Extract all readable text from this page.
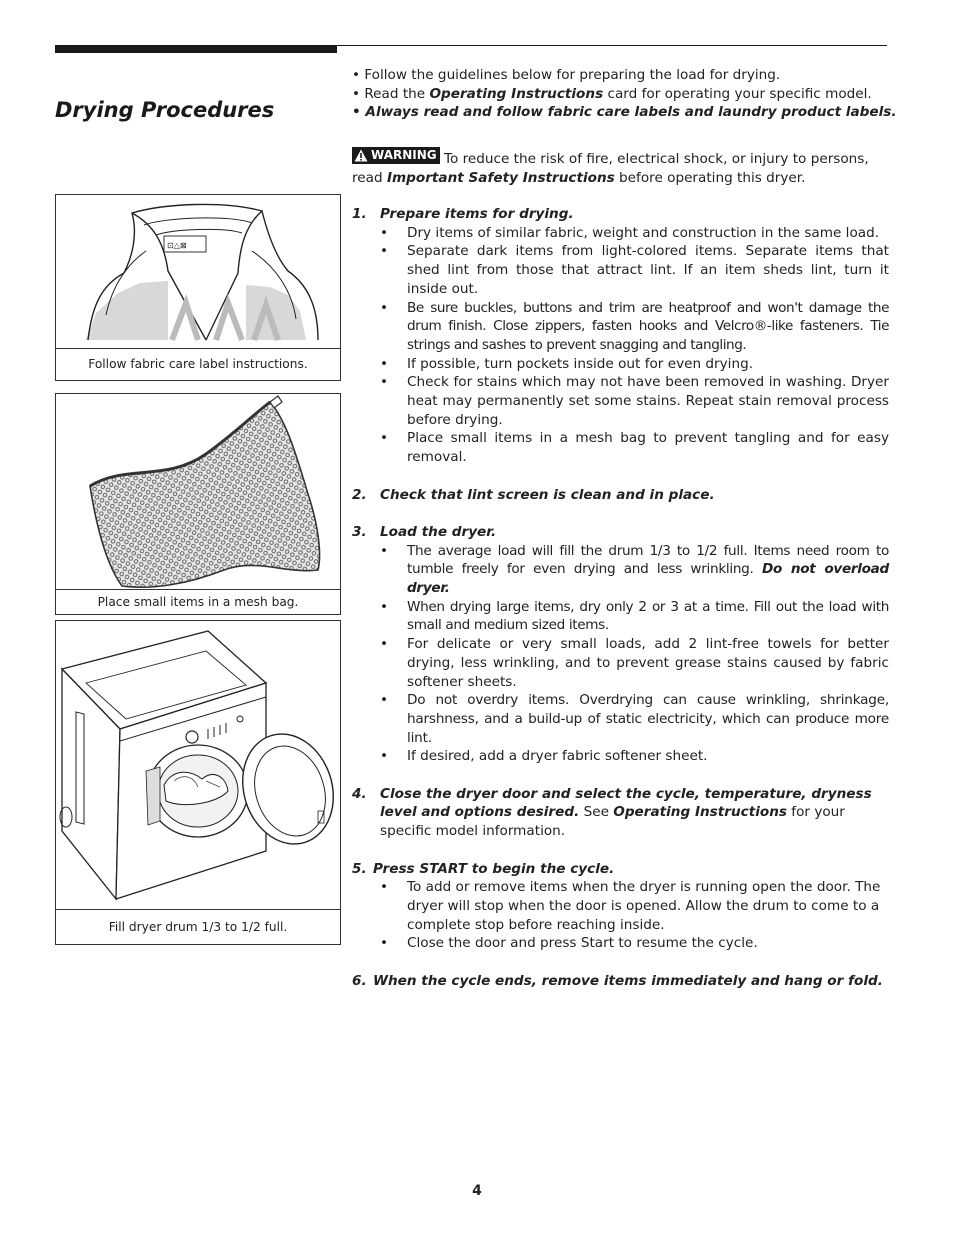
Drying Procedures
• Follow the guidelines below for preparing the load for drying.
• Read the Operating Instructions card for operating your specific model.
• Always read and follow fabric care labels and laundry product labels.
WARNING To reduce the risk of fire, electrical shock, or injury to persons, read Important Safety Instructions before operating this dryer.
1. Prepare items for drying.
• Dry items of similar fabric, weight and construction in the same load.
• Separate dark items from light-colored items. Separate items that shed lint from those that attract lint. If an item sheds lint, turn it inside out.
• Be sure buckles, buttons and trim are heatproof and won't damage the drum finish. Close zippers, fasten hooks and Velcro®-like fasteners. Tie strings and sashes to prevent snagging and tangling.
• If possible, turn pockets inside out for even drying.
• Check for stains which may not have been removed in washing. Dryer heat may permanently set some stains. Repeat stain removal process before drying.
• Place small items in a mesh bag to prevent tangling and for easy removal.
2. Check that lint screen is clean and in place.
3. Load the dryer.
• The average load will fill the drum 1/3 to 1/2 full. Items need room to tumble freely for even drying and less wrinkling. Do not overload dryer.
• When drying large items, dry only 2 or 3 at a time. Fill out the load with small and medium sized items.
• For delicate or very small loads, add 2 lint-free towels for better drying, less wrinkling, and to prevent grease stains caused by fabric softener sheets.
• Do not overdry items. Overdrying can cause wrinkling, shrinkage, harshness, and a build-up of static electricity, which can produce more lint.
• If desired, add a dryer fabric softener sheet.
4. Close the dryer door and select the cycle, temperature, dryness level and options desired. See Operating Instructions for your specific model information.
5. Press START to begin the cycle.
• To add or remove items when the dryer is running open the door. The dryer will stop when the door is opened. Allow the drum to come to a complete stop before reaching inside.
• Close the door and press Start to resume the cycle.
6. When the cycle ends, remove items immediately and hang or fold.
⊡△⊠
Follow fabric care label instructions.
Place small items in a mesh bag.
Fill dryer drum 1/3 to 1/2 full.
4
